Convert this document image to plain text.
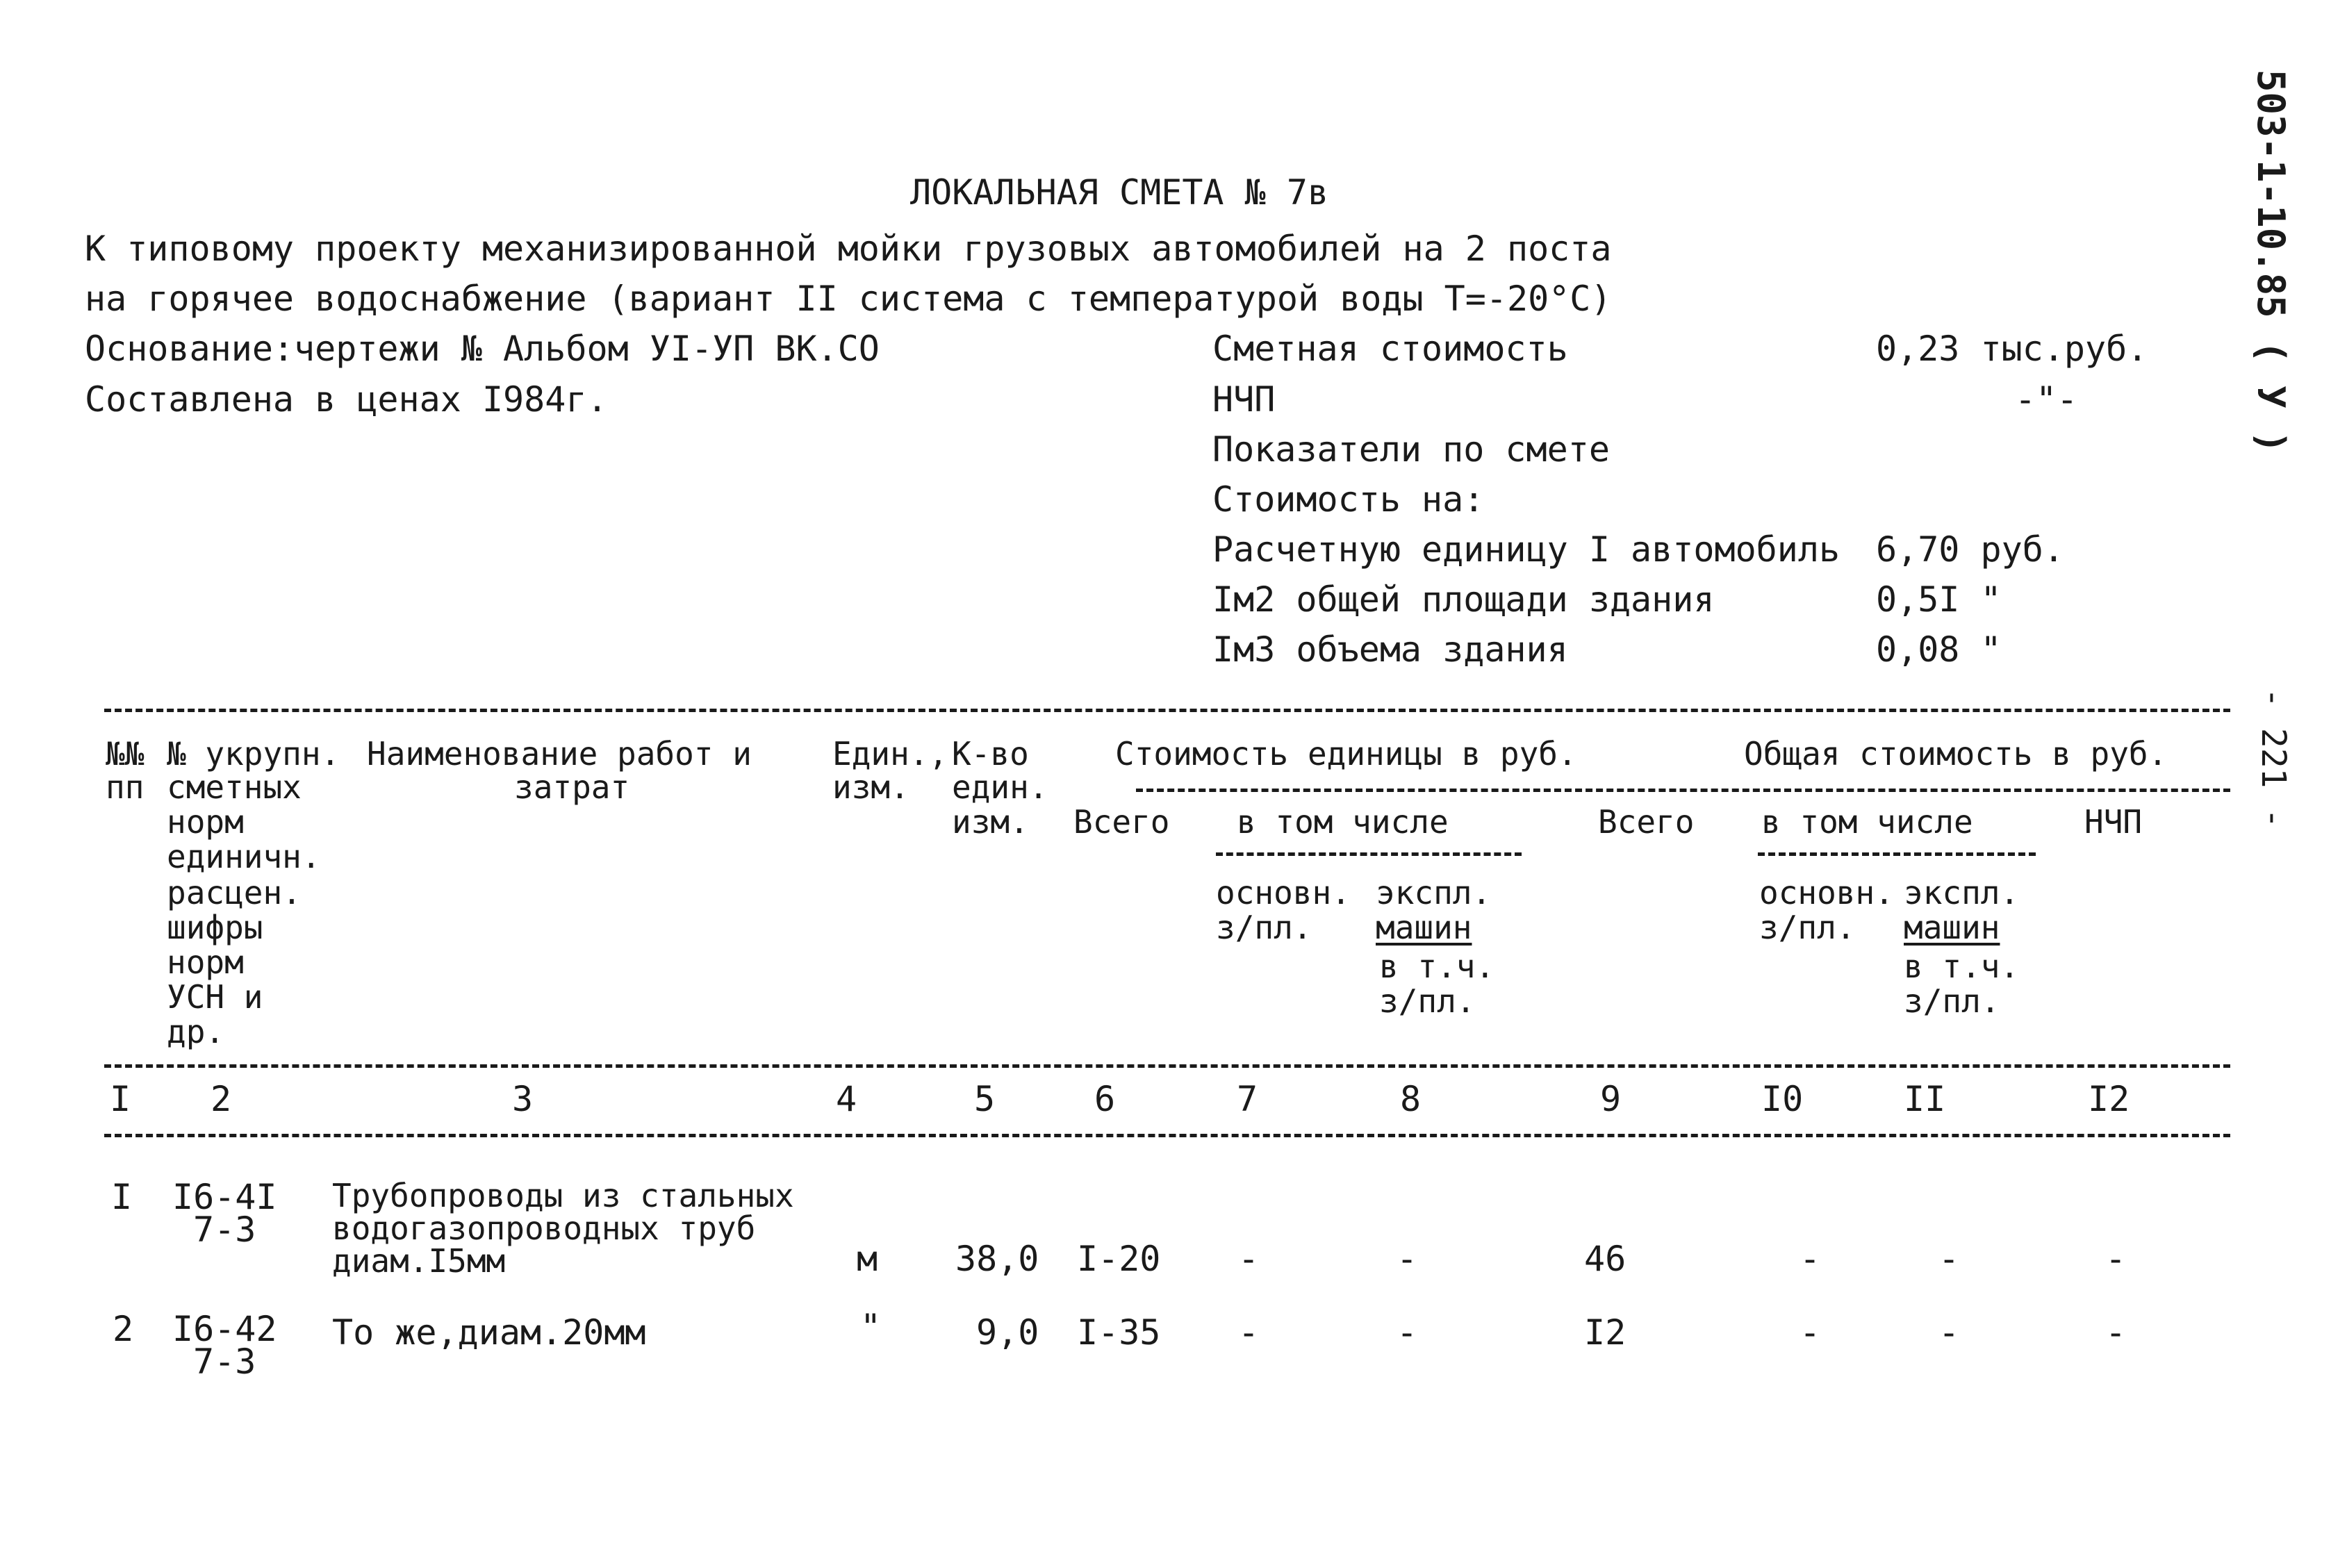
503-1-10.85 ( У )
- 221 -
ЛОКАЛЬНАЯ СМЕТА № 7в
К типовому проекту механизированной мойки грузовых автомобилей на 2 поста
на горячее водоснабжение (вариант II система с температурой воды T=-20°C)
Основание:чертежи № Альбом УI-УП ВК.СО
Составлена в ценах I984г.
Сметная стоимость	0,23 тыс.руб.
НЧП	-"-
Показатели по смете
Стоимость на:
Расчетную единицу I автомобиль 6,70 руб.
Iм2 общей площади здания	0,5I "
Iм3 объема здания	0,08 "
№№
пп
№ укрупн.
сметных
норм
единичн.
расцен.
шифры
норм
УСН и
др.
Наименование работ и
затрат
Един.,
изм.
К-во
един.
изм.
Стоимость единицы в руб.	Общая стоимость в руб.
Всего в том числе	Всего в том числе	НЧП
основн.
з/пл.
экспл.
машин
в т.ч.
з/пл.
основн.
з/пл.
экспл.
машин
в т.ч.
з/пл.
I 2	3	4	5	6	7	8	9	I0	II	I2
I I6-4I
7-3
Трубопроводы из стальных
водогазопроводных труб
диам.I5мм	м 38,0 I-20 -	-	46	-	-	-
2 I6-42
7-3
То же,диам.20мм	"	9,0 I-35 -	-	I2	-	-	-
